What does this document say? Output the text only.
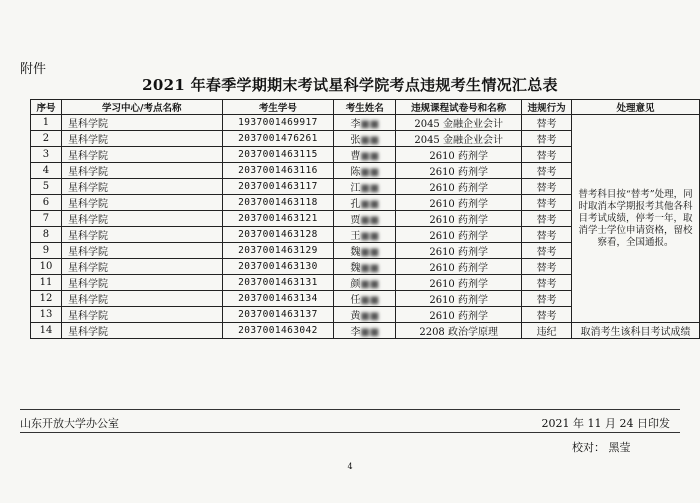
附件
2021 年春季学期期末考试星科学院考点违规考生情况汇总表
序号	学习中心/考点名称	考生学号	考生姓名	违规课程试卷号和名称	违规行为	处理意见
1	星科学院	1937001469917	李■■	2045 金融企业会计	替考	替考科目按“替考”处理，同时取消本学期报考其他各科目考试成绩，停考一年，取消学士学位申请资格，留校察看，全国通报。
2	星科学院	2037001476261	张■■	2045 金融企业会计	替考	
3	星科学院	2037001463115	曹■■	2610 药剂学	替考	
4	星科学院	2037001463116	陈■■	2610 药剂学	替考	
5	星科学院	2037001463117	江■■	2610 药剂学	替考	
6	星科学院	2037001463118	孔■■	2610 药剂学	替考	
7	星科学院	2037001463121	贾■■	2610 药剂学	替考	
8	星科学院	2037001463128	王■■	2610 药剂学	替考	
9	星科学院	2037001463129	魏■■	2610 药剂学	替考	
10	星科学院	2037001463130	魏■■	2610 药剂学	替考	
11	星科学院	2037001463131	颜■■	2610 药剂学	替考	
12	星科学院	2037001463134	任■■	2610 药剂学	替考	
13	星科学院	2037001463137	黄■■	2610 药剂学	替考	
14	星科学院	2037001463042	李■■	2208 政治学原理	违纪	取消考生该科目考试成绩
山东开放大学办公室	2021 年 11 月 24 日印发
校对： 黑莹
4
